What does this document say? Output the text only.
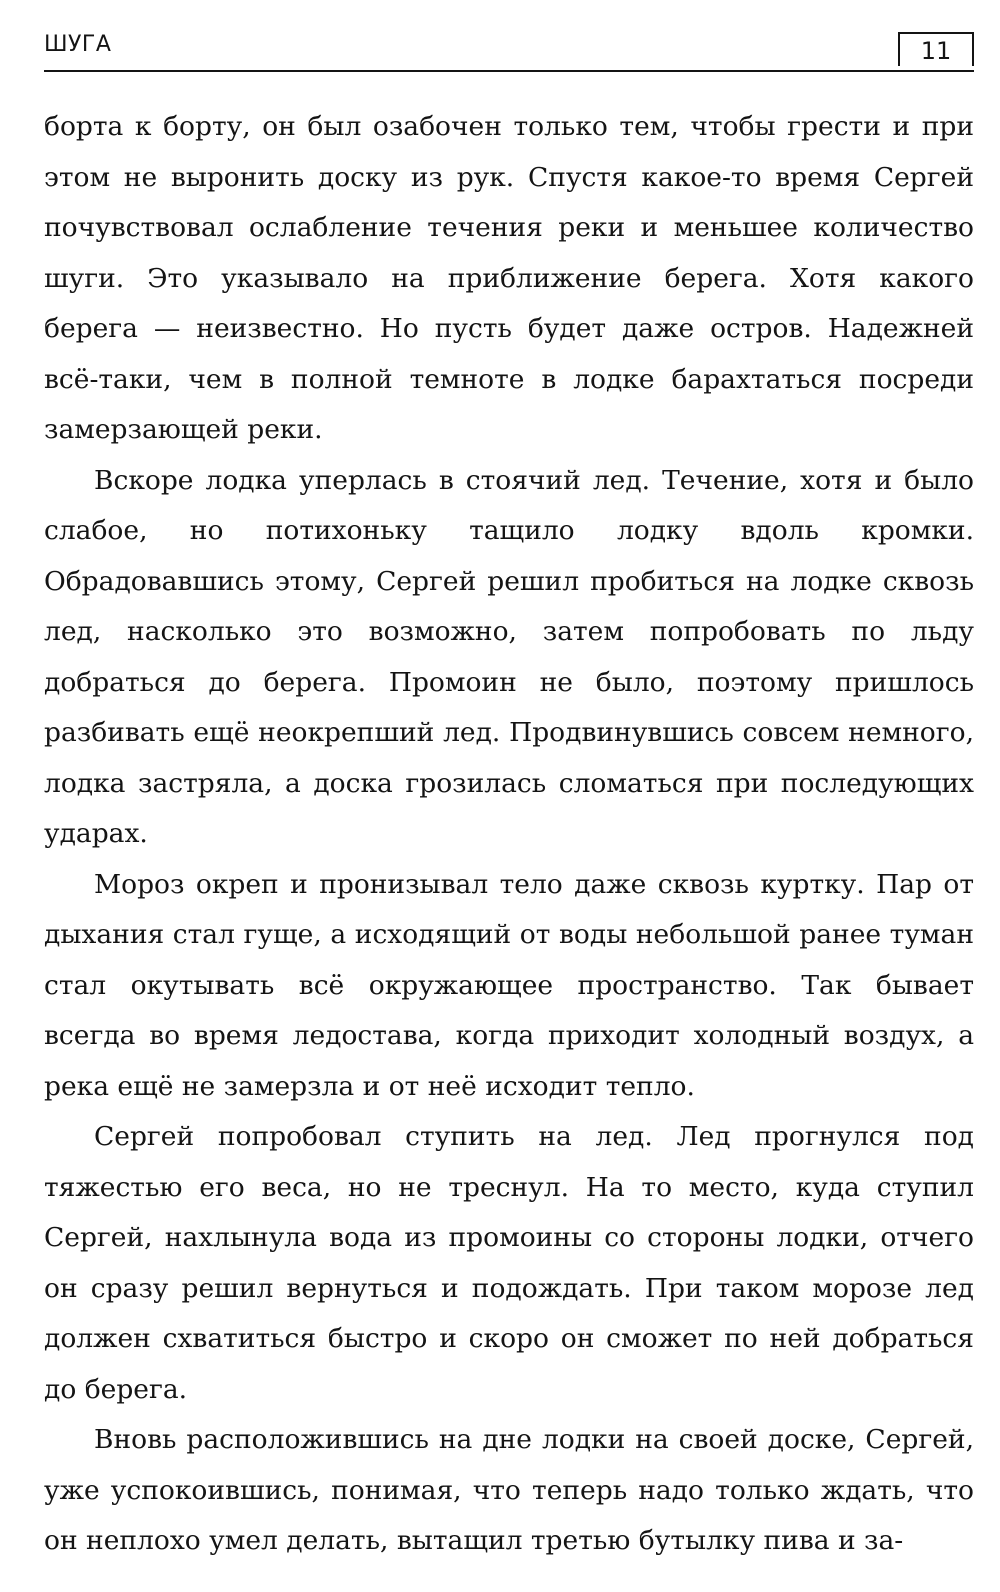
ШУГА	11

борта к борту, он был озабочен только тем, чтобы грести и при этом не выронить доску из рук. Спустя какое-то время Сергей почувствовал ослабление течения реки и меньшее количество шуги. Это указывало на приближение берега. Хотя какого берега — неизвестно. Но пусть будет даже остров. Надежней всё-таки, чем в полной темноте в лодке барахтаться посреди замерзающей реки.

Вскоре лодка уперлась в стоячий лед. Течение, хотя и было слабое, но потихоньку тащило лодку вдоль кромки. Обрадовавшись этому, Сергей решил пробиться на лодке сквозь лед, насколько это возможно, затем попробовать по льду добраться до берега. Промоин не было, поэтому пришлось разбивать ещё неокрепший лед. Продвинувшись совсем немного, лодка застряла, а доска грозилась сломаться при последующих ударах.

Мороз окреп и пронизывал тело даже сквозь куртку. Пар от дыхания стал гуще, а исходящий от воды небольшой ранее туман стал окутывать всё окружающее пространство. Так бывает всегда во время ледостава, когда приходит холодный воздух, а река ещё не замерзла и от неё исходит тепло.

Сергей попробовал ступить на лед. Лед прогнулся под тяжестью его веса, но не треснул. На то место, куда ступил Сергей, нахлынула вода из промоины со стороны лодки, отчего он сразу решил вернуться и подождать. При таком морозе лед должен схватиться быстро и скоро он сможет по ней добраться до берега.

Вновь расположившись на дне лодки на своей доске, Сергей, уже успокоившись, понимая, что теперь надо только ждать, что он неплохо умел делать, вытащил третью бутылку пива и за-
